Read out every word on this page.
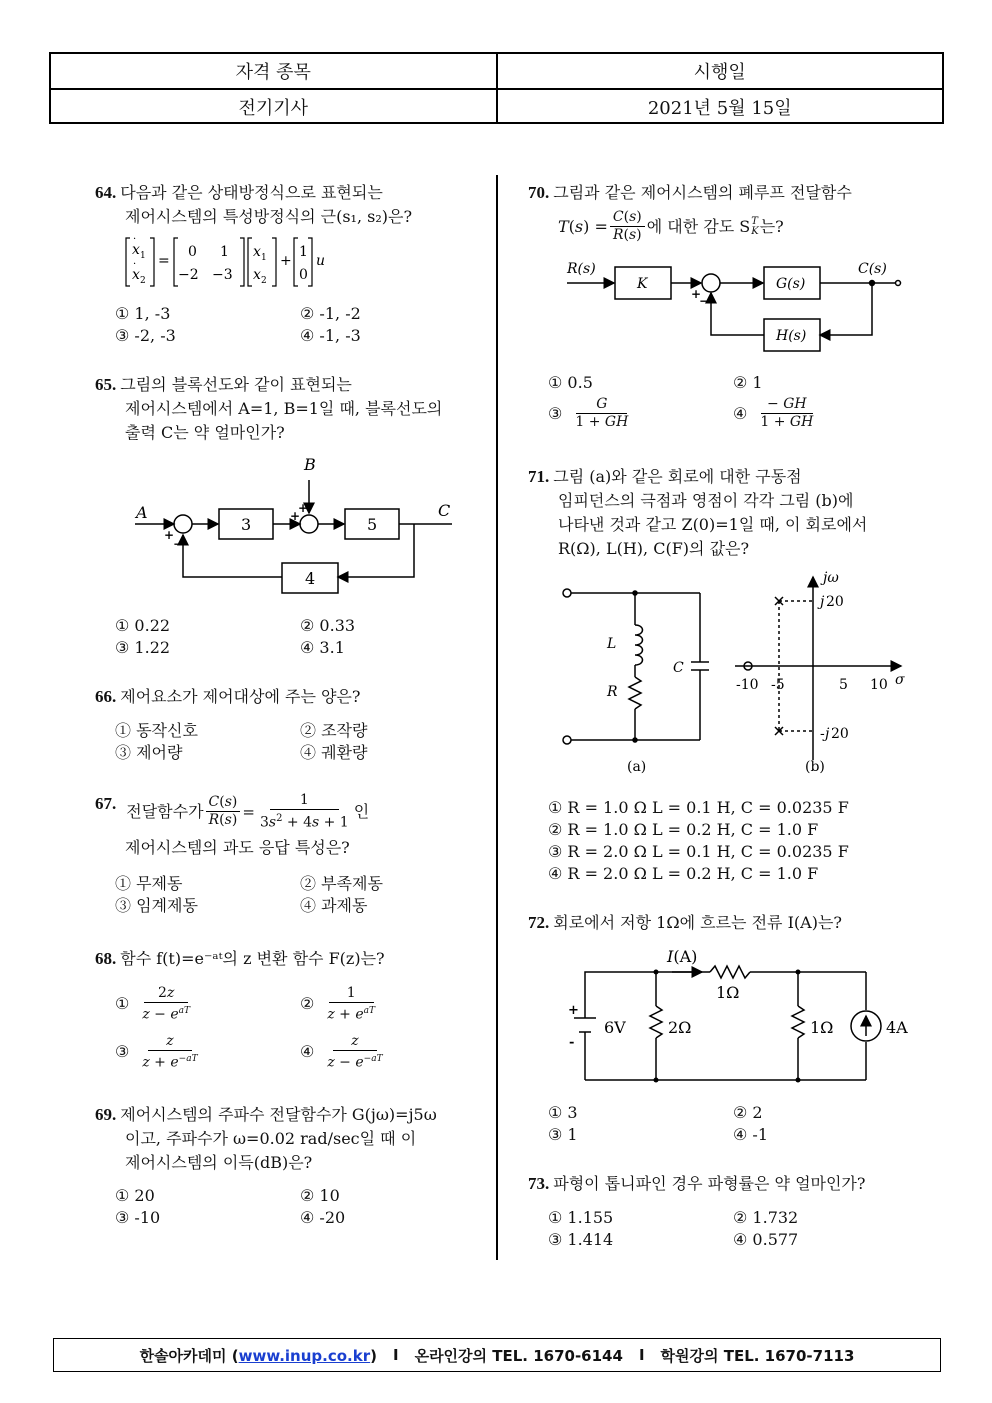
자격 종목	시행일
전기기사	2021년 5월 15일
64. 다음과 같은 상태방정식으로 표현되는
제어시스템의 특성방정식의 근(s₁, s₂)은?
x 1
·
x 2
· =
0 1
−2 −3
x 1
x 2
+
1
0
u
① 1, -3	② -1, -2
③ -2, -3	④ -1, -3
65. 그림의 블록선도와 같이 표현되는
제어시스템에서 A=1, B=1일 때, 블록선도의
출력 C는 약 얼마인가?
A
B
C
3	5
4
+
−
+
+
① 0.22	② 0.33
③ 1.22	④ 3.1
66. 제어요소가 제어대상에 주는 양은?
① 동작신호	② 조작량
③ 제어량	④ 궤환량
67. 전달함수가 $\frac{C(s)}{R(s)} = \frac{1}{3s^2 + 4s + 1}$ 인
제어시스템의 과도 응답 특성은?
① 무제동	② 부족제동
③ 임계제동	④ 과제동
68. 함수 f(t)=e⁻ᵃᵗ의 z 변환 함수 F(z)는?
① $\frac{2z}{z - e^{aT}}$	② $\frac{1}{z + e^{aT}}$
③ $\frac{z}{z + e^{-aT}}$	④ $\frac{z}{z - e^{-aT}}$
69. 제어시스템의 주파수 전달함수가 G(jω)=j5ω
이고, 주파수가 ω=0.02 rad/sec일 때 이
제어시스템의 이득(dB)은?
① 20	② 10
③ -10	④ -20
70. 그림과 같은 제어시스템의 폐루프 전달함수
$T(s) = \frac{C(s)}{R(s)}$ 에 대한 감도 S T
K 는?
R(s)
K	G(s)
H(s)
C(s)
+
−
① 0.5	② 1
③ $\frac{G}{1 + GH}$	④ $\frac{- GH}{1 + GH}$
71. 그림 (a)와 같은 회로에 대한 구동점
임피던스의 극점과 영점이 각각 그림 (b)에
나타낸 것과 같고 Z(0)=1일 때, 이 회로에서
R(Ω), L(H), C(F)의 값은?
L
R
C
(a)	(b)
jω
j 20
- j 20
-10 -5	5 10 σ
① R = 1.0 Ω L = 0.1 H, C = 0.0235 F
② R = 1.0 Ω L = 0.2 H, C = 1.0 F
③ R = 2.0 Ω L = 0.1 H, C = 0.0235 F
④ R = 2.0 Ω L = 0.2 H, C = 1.0 F
72. 회로에서 저항 1Ω에 흐르는 전류 I(A)는?
I(A)
1Ω
6V	2Ω	1Ω	4A
+
-
① 3	② 2
③ 1	④ -1
73. 파형이 톱니파인 경우 파형률은 약 얼마인가?
① 1.155	② 1.732
③ 1.414	④ 0.577
한솔아카데미 (www.inup.co.kr) I 온라인강의 TEL. 1670-6144 I 학원강의 TEL. 1670-7113
